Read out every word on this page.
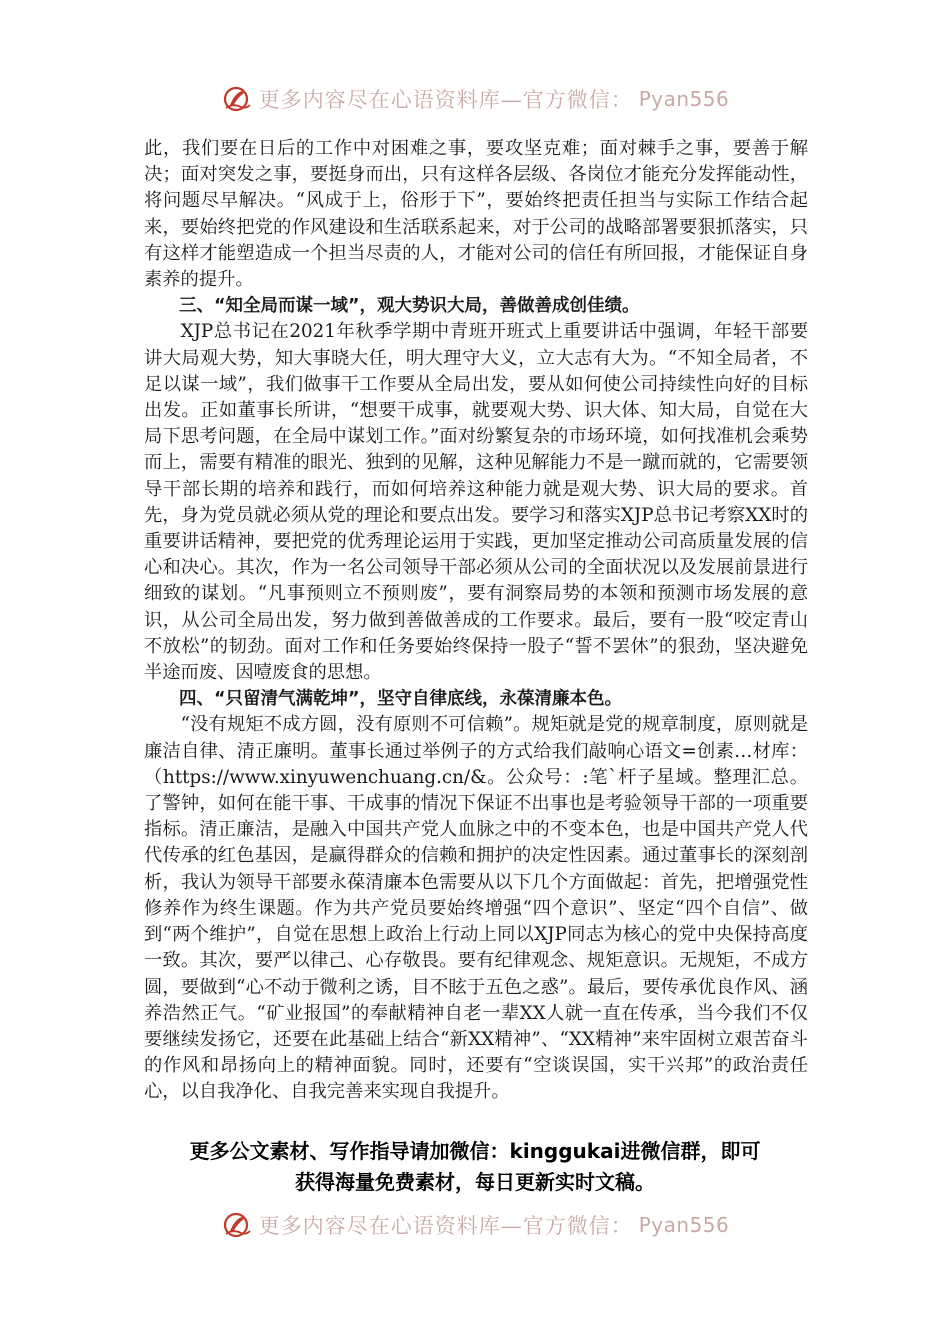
更多内容尽在心语资料库—官方微信： Pyan556

此，我们要在日后的工作中对困难之事，要攻坚克难；面对棘手之事，要善于解决；面对突发之事，要挺身而出，只有这样各层级、各岗位才能充分发挥能动性，将问题尽早解决。“风成于上，俗形于下”，要始终把责任担当与实际工作结合起来，要始终把党的作风建设和生活联系起来，对于公司的战略部署要狠抓落实，只有这样才能塑造成一个担当尽责的人，才能对公司的信任有所回报，才能保证自身素养的提升。

三、“知全局而谋一域”，观大势识大局，善做善成创佳绩。

XJP总书记在2021年秋季学期中青班开班式上重要讲话中强调，年轻干部要讲大局观大势，知大事晓大任，明大理守大义，立大志有大为。“不知全局者，不足以谋一域”，我们做事干工作要从全局出发，要从如何使公司持续性向好的目标出发。正如董事长所讲，“想要干成事，就要观大势、识大体、知大局，自觉在大局下思考问题，在全局中谋划工作。”面对纷繁复杂的市场环境，如何找准机会乘势而上，需要有精准的眼光、独到的见解，这种见解能力不是一蹴而就的，它需要领导干部长期的培养和践行，而如何培养这种能力就是观大势、识大局的要求。首先，身为党员就必须从党的理论和要点出发。要学习和落实XJP总书记考察XX时的重要讲话精神，要把党的优秀理论运用于实践，更加坚定推动公司高质量发展的信心和决心。其次，作为一名公司领导干部必须从公司的全面状况以及发展前景进行细致的谋划。“凡事预则立不预则废”，要有洞察局势的本领和预测市场发展的意识，从公司全局出发，努力做到善做善成的工作要求。最后，要有一股“咬定青山不放松”的韧劲。面对工作和任务要始终保持一股子“誓不罢休”的狠劲，坚决避免半途而废、因噎废食的思想。

四、“只留清气满乾坤”，坚守自律底线，永葆清廉本色。

“没有规矩不成方圆，没有原则不可信赖”。规矩就是党的规章制度，原则就是廉洁自律、清正廉明。董事长通过举例子的方式给我们敲响心语文=创素…材库：（https://www.xinyuwenchuang.cn/&。公众号：:笔`杆子星域。整理汇总。了警钟，如何在能干事、干成事的情况下保证不出事也是考验领导干部的一项重要指标。清正廉洁，是融入中国共产党人血脉之中的不变本色，也是中国共产党人代代传承的红色基因，是赢得群众的信赖和拥护的决定性因素。通过董事长的深刻剖析，我认为领导干部要永葆清廉本色需要从以下几个方面做起：首先，把增强党性修养作为终生课题。作为共产党员要始终增强“四个意识”、坚定“四个自信”、做到“两个维护”，自觉在思想上政治上行动上同以XJP同志为核心的党中央保持高度一致。其次，要严以律己、心存敬畏。要有纪律观念、规矩意识。无规矩，不成方圆，要做到“心不动于微利之诱，目不眩于五色之惑”。最后，要传承优良作风、涵养浩然正气。“矿业报国”的奉献精神自老一辈XX人就一直在传承，当今我们不仅要继续发扬它，还要在此基础上结合“新XX精神”、“XX精神”来牢固树立艰苦奋斗的作风和昂扬向上的精神面貌。同时，还要有“空谈误国，实干兴邦”的政治责任心，以自我净化、自我完善来实现自我提升。

更多公文素材、写作指导请加微信：kinggukai进微信群，即可
获得海量免费素材，每日更新实时文稿。
更多内容尽在心语资料库—官方微信： Pyan556
